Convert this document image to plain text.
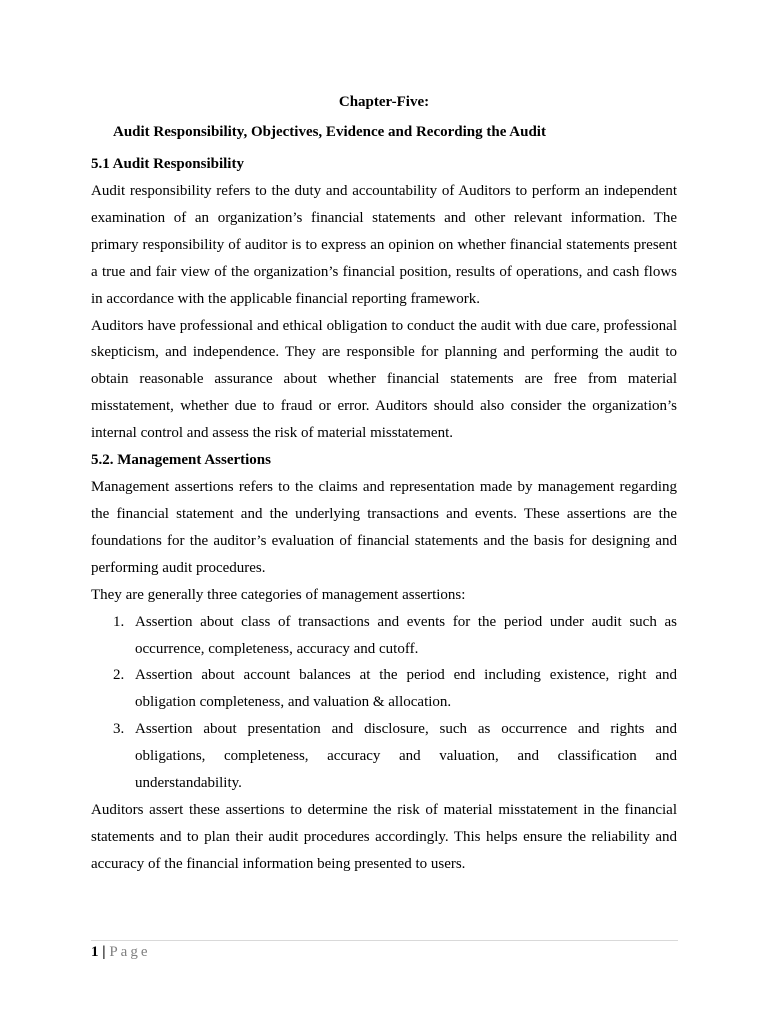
Chapter-Five:
Audit Responsibility, Objectives, Evidence and Recording the Audit
5.1 Audit Responsibility

Audit responsibility refers to the duty and accountability of Auditors to perform an independent examination of an organization’s financial statements and other relevant information. The primary responsibility of auditor is to express an opinion on whether financial statements present a true and fair view of the organization’s financial position, results of operations, and cash flows in accordance with the applicable financial reporting framework.

Auditors have professional and ethical obligation to conduct the audit with due care, professional skepticism, and independence. They are responsible for planning and performing the audit to obtain reasonable assurance about whether financial statements are free from material misstatement, whether due to fraud or error. Auditors should also consider the organization’s internal control and assess the risk of material misstatement.

5.2. Management Assertions

Management assertions refers to the claims and representation made by management regarding the financial statement and the underlying transactions and events. These assertions are the foundations for the auditor’s evaluation of financial statements and the basis for designing and performing audit procedures.

They are generally three categories of management assertions:

1. Assertion about class of transactions and events for the period under audit such as occurrence, completeness, accuracy and cutoff.
2. Assertion about account balances at the period end including existence, right and obligation completeness, and valuation & allocation.
3. Assertion about presentation and disclosure, such as occurrence and rights and obligations, completeness, accuracy and valuation, and classification and understandability.

Auditors assert these assertions to determine the risk of material misstatement in the financial statements and to plan their audit procedures accordingly. This helps ensure the reliability and accuracy of the financial information being presented to users.

1 | Page
